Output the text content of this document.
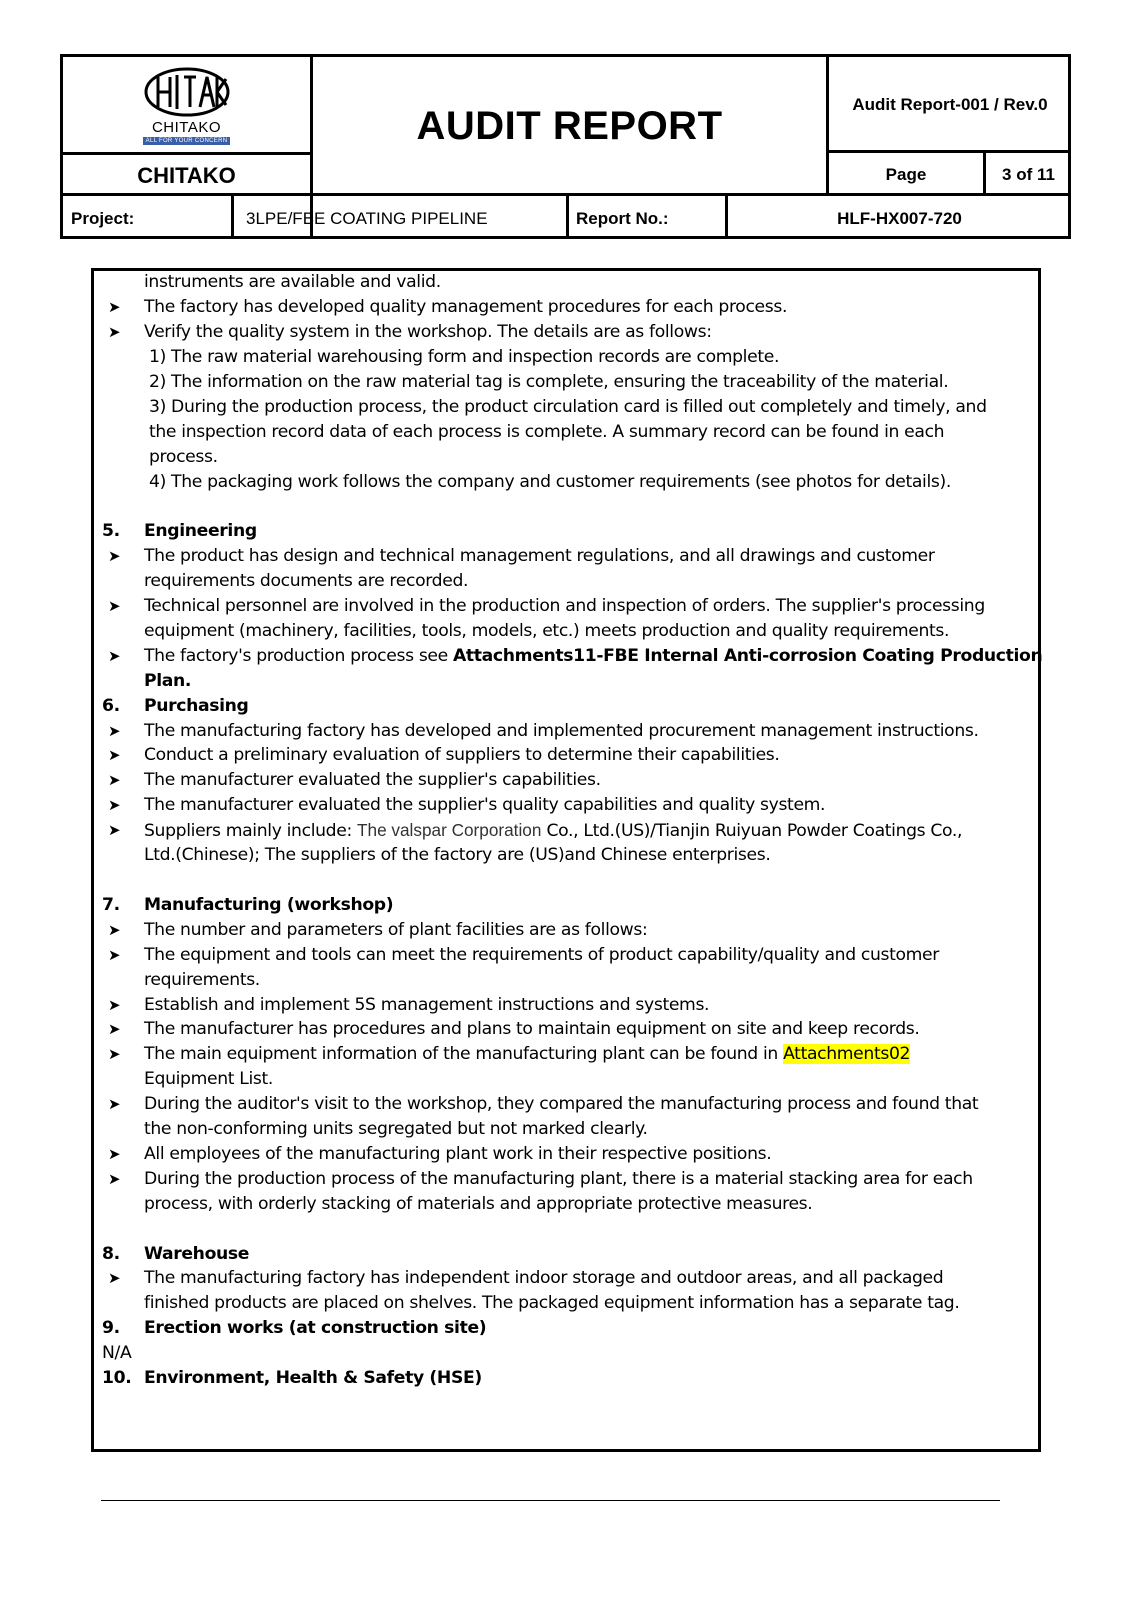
CHITAKO
ALL FOR YOUR CONCERN
CHITAKO
AUDIT REPORT	Audit Report-001 / Rev.0
Page	3 of 11
Project:	3LPE/FBE COATING PIPELINE	Report No.:	HLF-HX007-720
instruments are available and valid.
➤ The factory has developed quality management procedures for each process.
➤ Verify the quality system in the workshop. The details are as follows:
1) The raw material warehousing form and inspection records are complete.
2) The information on the raw material tag is complete, ensuring the traceability of the material.
3) During the production process, the product circulation card is filled out completely and timely, and
the inspection record data of each process is complete. A summary record can be found in each
process.
4) The packaging work follows the company and customer requirements (see photos for details).
5. Engineering
➤ The product has design and technical management regulations, and all drawings and customer
requirements documents are recorded.
➤ Technical personnel are involved in the production and inspection of orders. The supplier's processing
equipment (machinery, facilities, tools, models, etc.) meets production and quality requirements.
➤ The factory's production process see Attachments11-FBE Internal Anti-corrosion Coating Production
Plan.
6. Purchasing
➤ The manufacturing factory has developed and implemented procurement management instructions.
➤ Conduct a preliminary evaluation of suppliers to determine their capabilities.
➤ The manufacturer evaluated the supplier's capabilities.
➤ The manufacturer evaluated the supplier's quality capabilities and quality system.
➤ Suppliers mainly include: The valspar Corporation Co., Ltd.(US)/Tianjin Ruiyuan Powder Coatings Co.,
Ltd.(Chinese); The suppliers of the factory are (US)and Chinese enterprises.
7. Manufacturing (workshop)
➤ The number and parameters of plant facilities are as follows:
➤ The equipment and tools can meet the requirements of product capability/quality and customer
requirements.
➤ Establish and implement 5S management instructions and systems.
➤ The manufacturer has procedures and plans to maintain equipment on site and keep records.
➤ The main equipment information of the manufacturing plant can be found in Attachments02
Equipment List.
➤ During the auditor's visit to the workshop, they compared the manufacturing process and found that
the non-conforming units segregated but not marked clearly.
➤ All employees of the manufacturing plant work in their respective positions.
➤ During the production process of the manufacturing plant, there is a material stacking area for each
process, with orderly stacking of materials and appropriate protective measures.
8. Warehouse
➤ The manufacturing factory has independent indoor storage and outdoor areas, and all packaged
finished products are placed on shelves. The packaged equipment information has a separate tag.
9. Erection works (at construction site)
N/A
10. Environment, Health & Safety (HSE)
